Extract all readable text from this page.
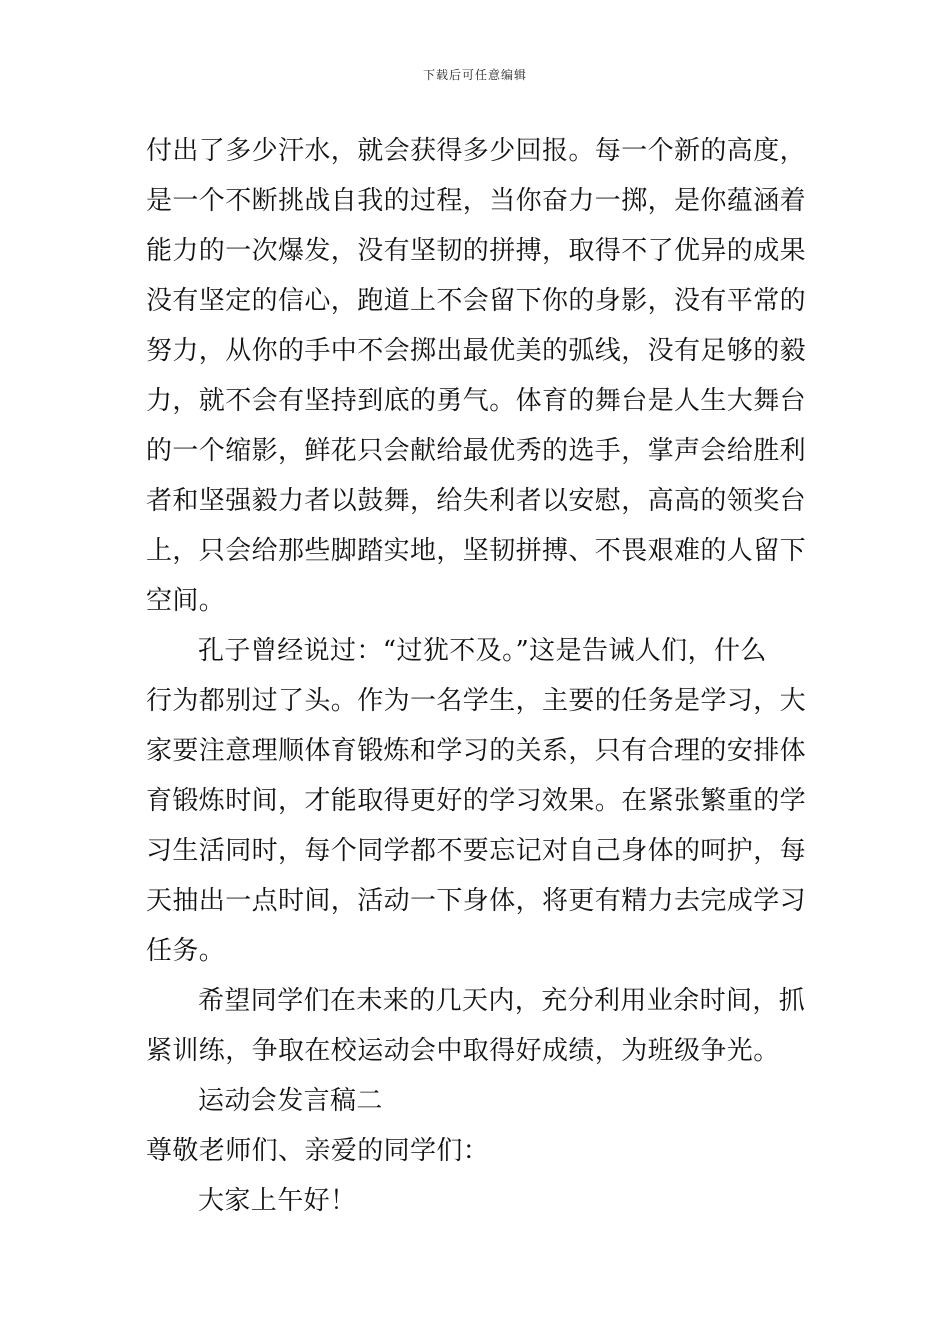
下载后可任意编辑
付出了多少汗水，就会获得多少回报。每一个新的高度，
是一个不断挑战自我的过程，当你奋力一掷，是你蕴涵着
能力的一次爆发，没有坚韧的拼搏，取得不了优异的成果
没有坚定的信心，跑道上不会留下你的身影，没有平常的
努力，从你的手中不会掷出最优美的弧线，没有足够的毅
力，就不会有坚持到底的勇气。体育的舞台是人生大舞台
的一个缩影，鲜花只会献给最优秀的选手，掌声会给胜利
者和坚强毅力者以鼓舞，给失利者以安慰，高高的领奖台
上，只会给那些脚踏实地，坚韧拼搏、不畏艰难的人留下
空间。
孔子曾经说过：“过犹不及。”这是告诫人们，什么
行为都别过了头。作为一名学生，主要的任务是学习，大
家要注意理顺体育锻炼和学习的关系，只有合理的安排体
育锻炼时间，才能取得更好的学习效果。在紧张繁重的学
习生活同时，每个同学都不要忘记对自己身体的呵护，每
天抽出一点时间，活动一下身体，将更有精力去完成学习
任务。
希望同学们在未来的几天内，充分利用业余时间，抓
紧训练，争取在校运动会中取得好成绩，为班级争光。
运动会发言稿二
尊敬老师们、亲爱的同学们：
大家上午好！
